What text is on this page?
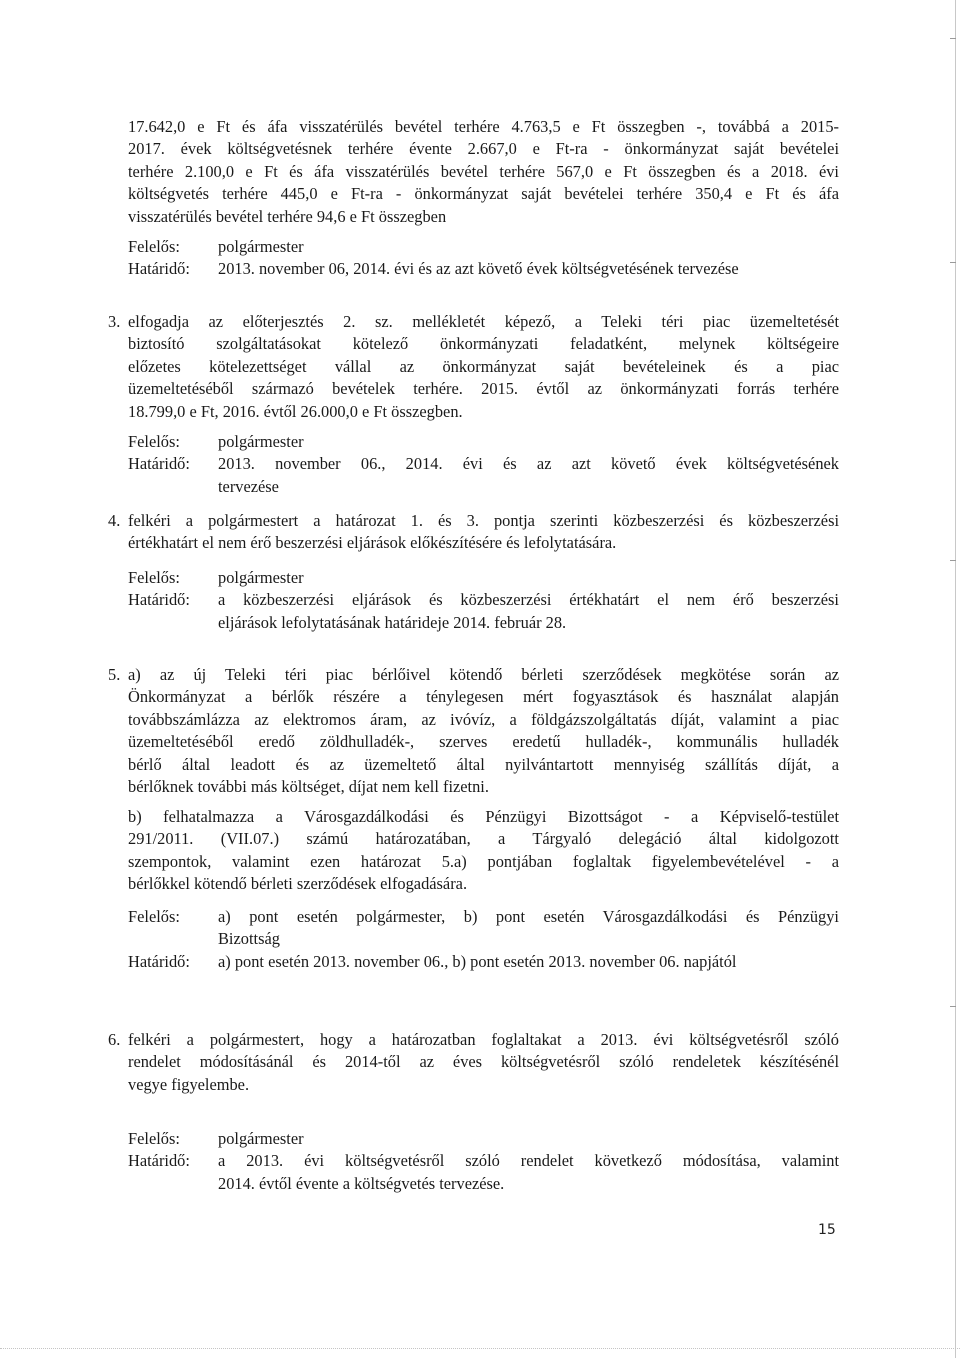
17.642,0 e Ft és áfa visszatérülés bevétel terhére 4.763,5 e Ft összegben -, továbbá a 2015-

2017. évek költségvetésnek terhére évente 2.667,0 e Ft-ra - önkormányzat saját bevételei

terhére 2.100,0 e Ft és áfa visszatérülés bevétel terhére 567,0 e Ft összegben és a 2018. évi

költségvetés terhére 445,0 e Ft-ra - önkormányzat saját bevételei terhére 350,4 e Ft és áfa

visszatérülés bevétel terhére 94,6 e Ft összegben

Felelős:	polgármester
Határidő:	2013. november 06, 2014. évi és az azt követő évek költségvetésének tervezése
3. elfogadja az előterjesztés 2. sz. mellékletét képező, a Teleki téri piac üzemeltetését

biztosító szolgáltatásokat kötelező önkormányzati feladatként, melynek költségeire

előzetes kötelezettséget vállal az önkormányzat saját bevételeinek és a piac

üzemeltetéséből származó bevételek terhére. 2015. évtől az önkormányzati forrás terhére

18.799,0 e Ft, 2016. évtől 26.000,0 e Ft összegben.

Felelős:	polgármester
Határidő:	2013. november 06., 2014. évi és az azt követő évek költségvetésének
tervezése
4. felkéri a polgármestert a határozat 1. és 3. pontja szerinti közbeszerzési és közbeszerzési

értékhatárt el nem érő beszerzési eljárások előkészítésére és lefolytatására.

Felelős:	polgármester
Határidő:	a közbeszerzési eljárások és közbeszerzési értékhatárt el nem érő beszerzési
eljárások lefolytatásának határideje 2014. február 28.
5. a) az új Teleki téri piac bérlőivel kötendő bérleti szerződések megkötése során az

Önkormányzat a bérlők részére a ténylegesen mért fogyasztások és használat alapján

továbbszámlázza az elektromos áram, az ivóvíz, a földgázszolgáltatás díját, valamint a piac

üzemeltetéséből eredő zöldhulladék-, szerves eredetű hulladék-, kommunális hulladék

bérlő által leadott és az üzemeltető által nyilvántartott mennyiség szállítás díját, a

bérlőknek további más költséget, díjat nem kell fizetni.

b) felhatalmazza a Városgazdálkodási és Pénzügyi Bizottságot - a Képviselő-testület

291/2011. (VII.07.) számú határozatában, a Tárgyaló delegáció által kidolgozott

szempontok, valamint ezen határozat 5.a) pontjában foglaltak figyelembevételével - a

bérlőkkel kötendő bérleti szerződések elfogadására.

Felelős:	a) pont esetén polgármester, b) pont esetén Városgazdálkodási és Pénzügyi
Bizottság
Határidő:	a) pont esetén 2013. november 06., b) pont esetén 2013. november 06. napjától
6. felkéri a polgármestert, hogy a határozatban foglaltakat a 2013. évi költségvetésről szóló

rendelet módosításánál és 2014-től az éves költségvetésről szóló rendeletek készítésénél

vegye figyelembe.

Felelős:	polgármester
Határidő:	a 2013. évi költségvetésről szóló rendelet következő módosítása, valamint
2014. évtől évente a költségvetés tervezése.
15
